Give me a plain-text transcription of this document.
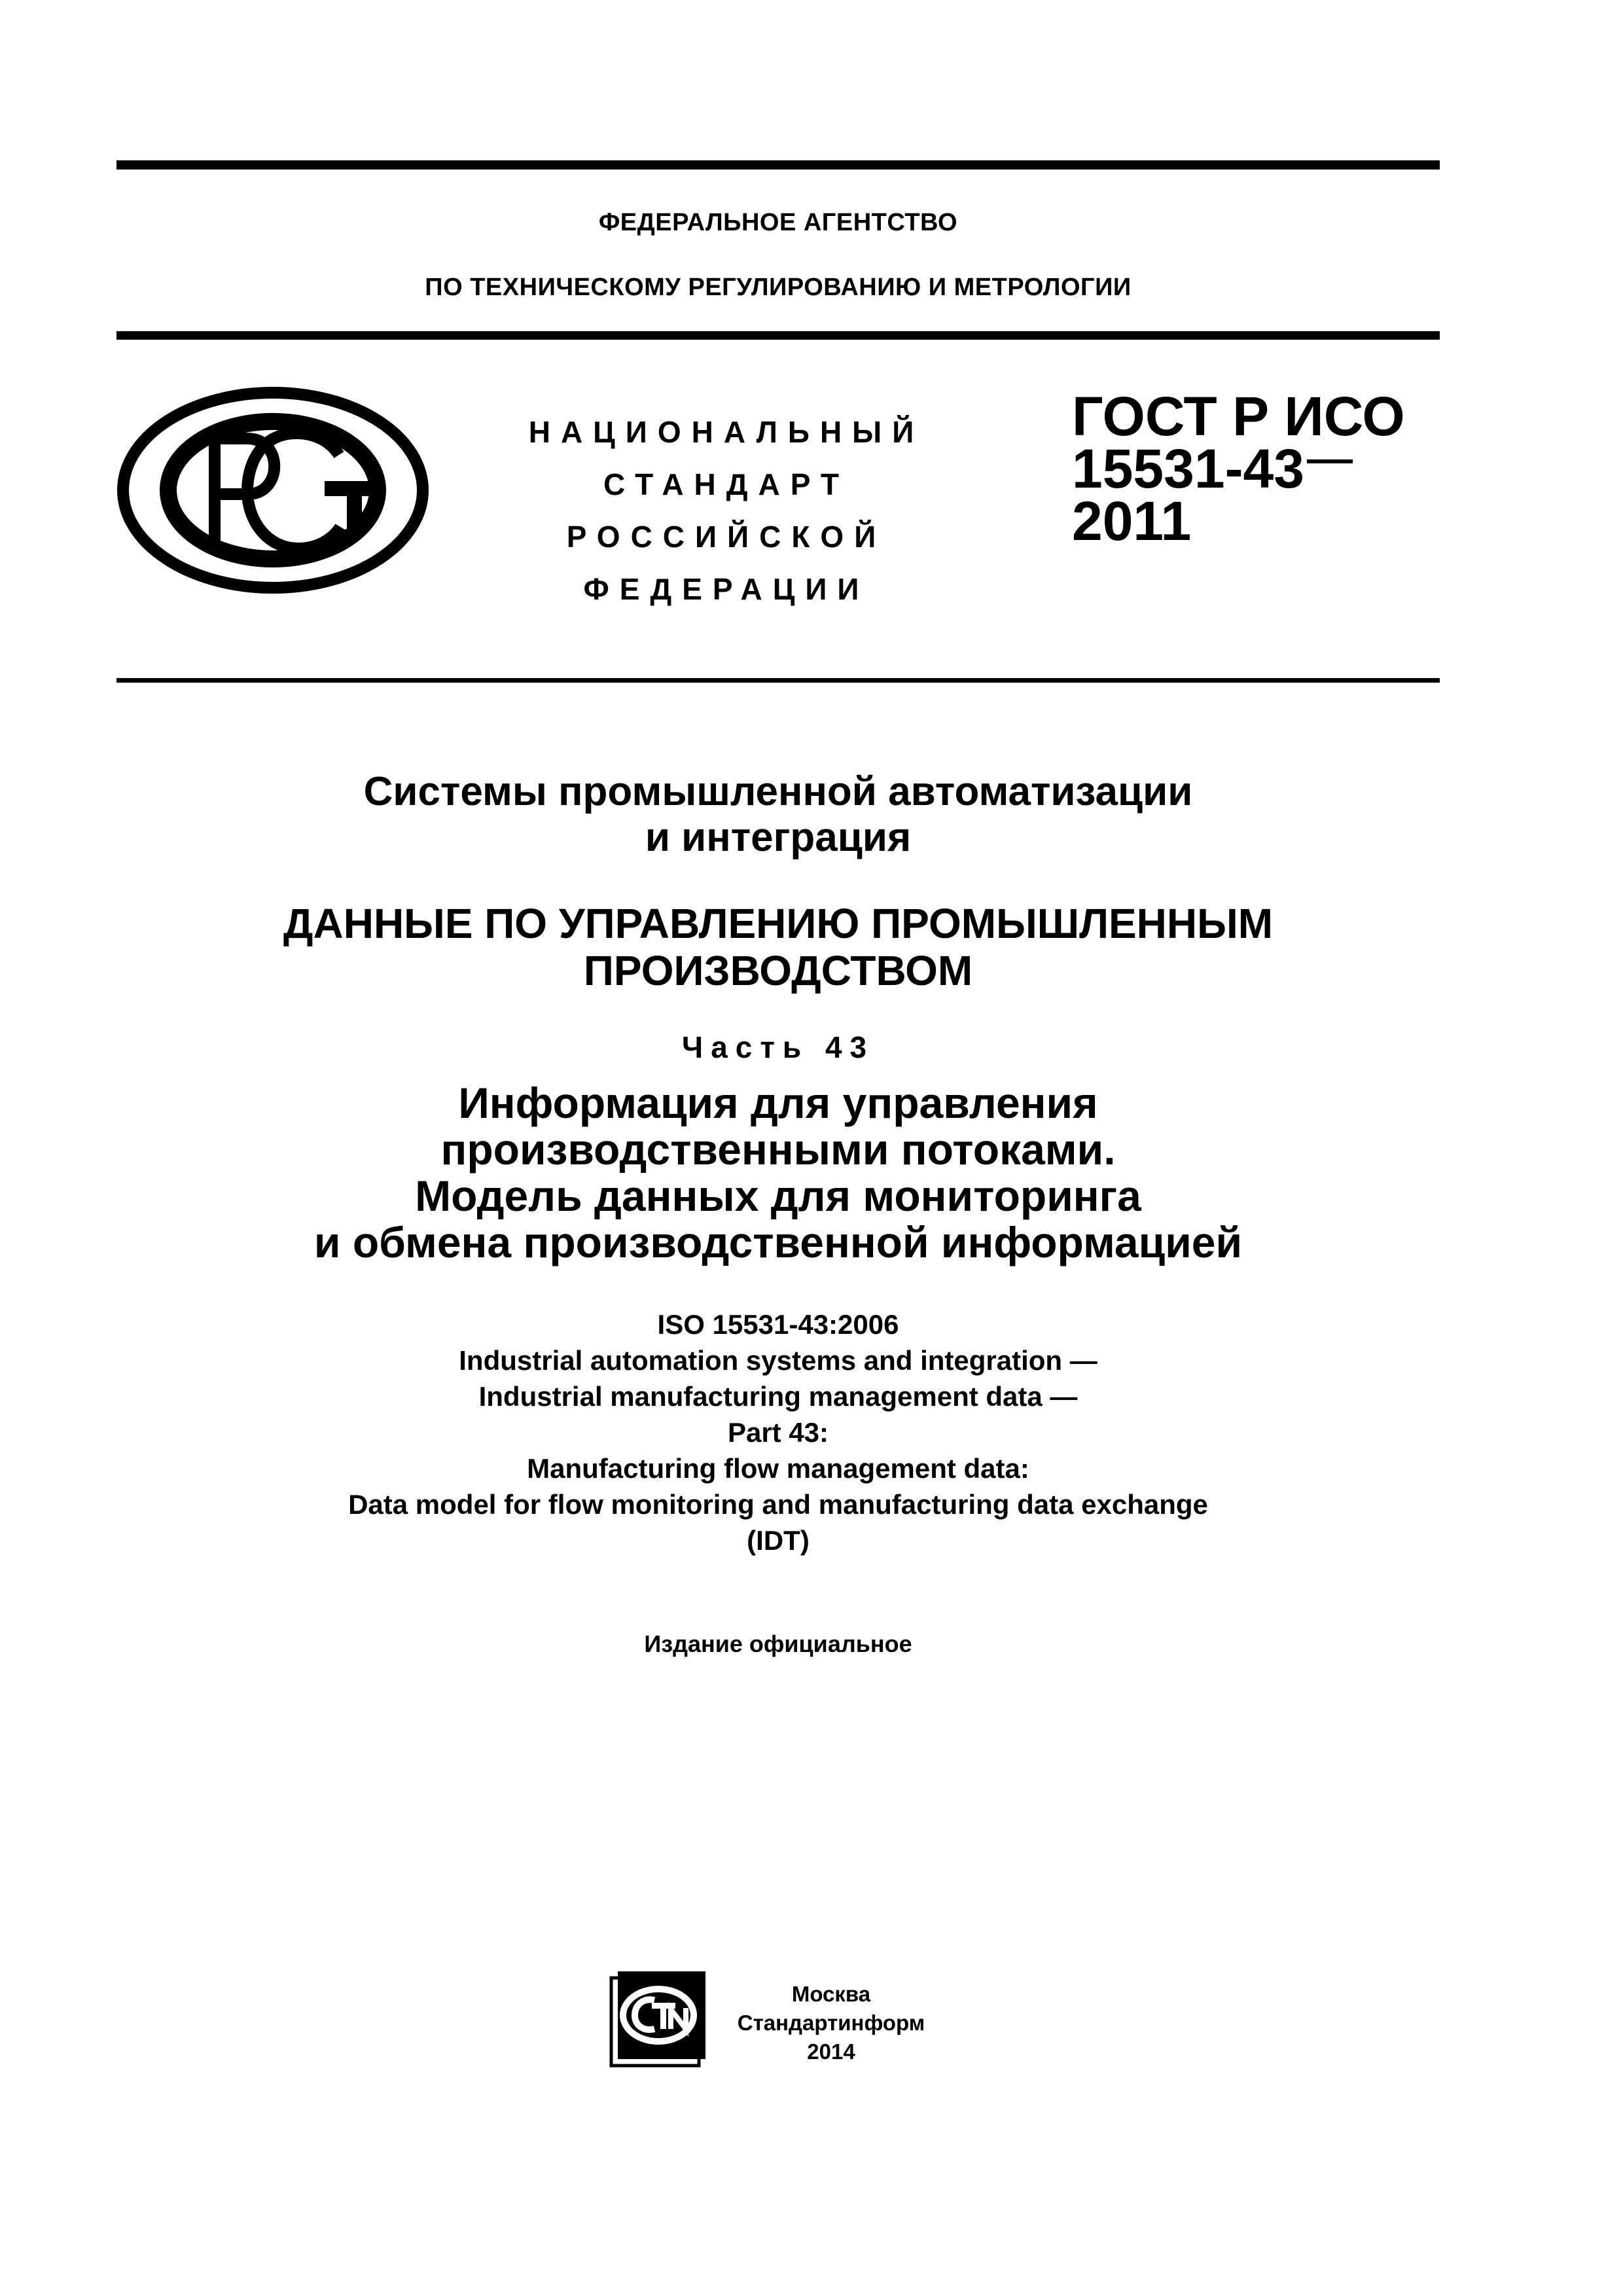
ФЕДЕРАЛЬНОЕ АГЕНТСТВО
ПО ТЕХНИЧЕСКОМУ РЕГУЛИРОВАНИЮ И МЕТРОЛОГИИ
НАЦИОНАЛЬНЫЙ
СТАНДАРТ
РОССИЙСКОЙ
ФЕДЕРАЦИИ
ГОСТ Р ИСО
15531-43
2011
Системы промышленной автоматизации
и интеграция
ДАННЫЕ ПО УПРАВЛЕНИЮ ПРОМЫШЛЕННЫМ
ПРОИЗВОДСТВОМ
Часть 43
Информация для управления
производственными потоками.
Модель данных для мониторинга
и обмена производственной информацией
ISO 15531-43:2006
Industrial automation systems and integration —
Industrial manufacturing management data —
Part 43:
Manufacturing flow management data:
Data model for flow monitoring and manufacturing data exchange
(IDT)
Издание официальное
Москва
Стандартинформ
2014
